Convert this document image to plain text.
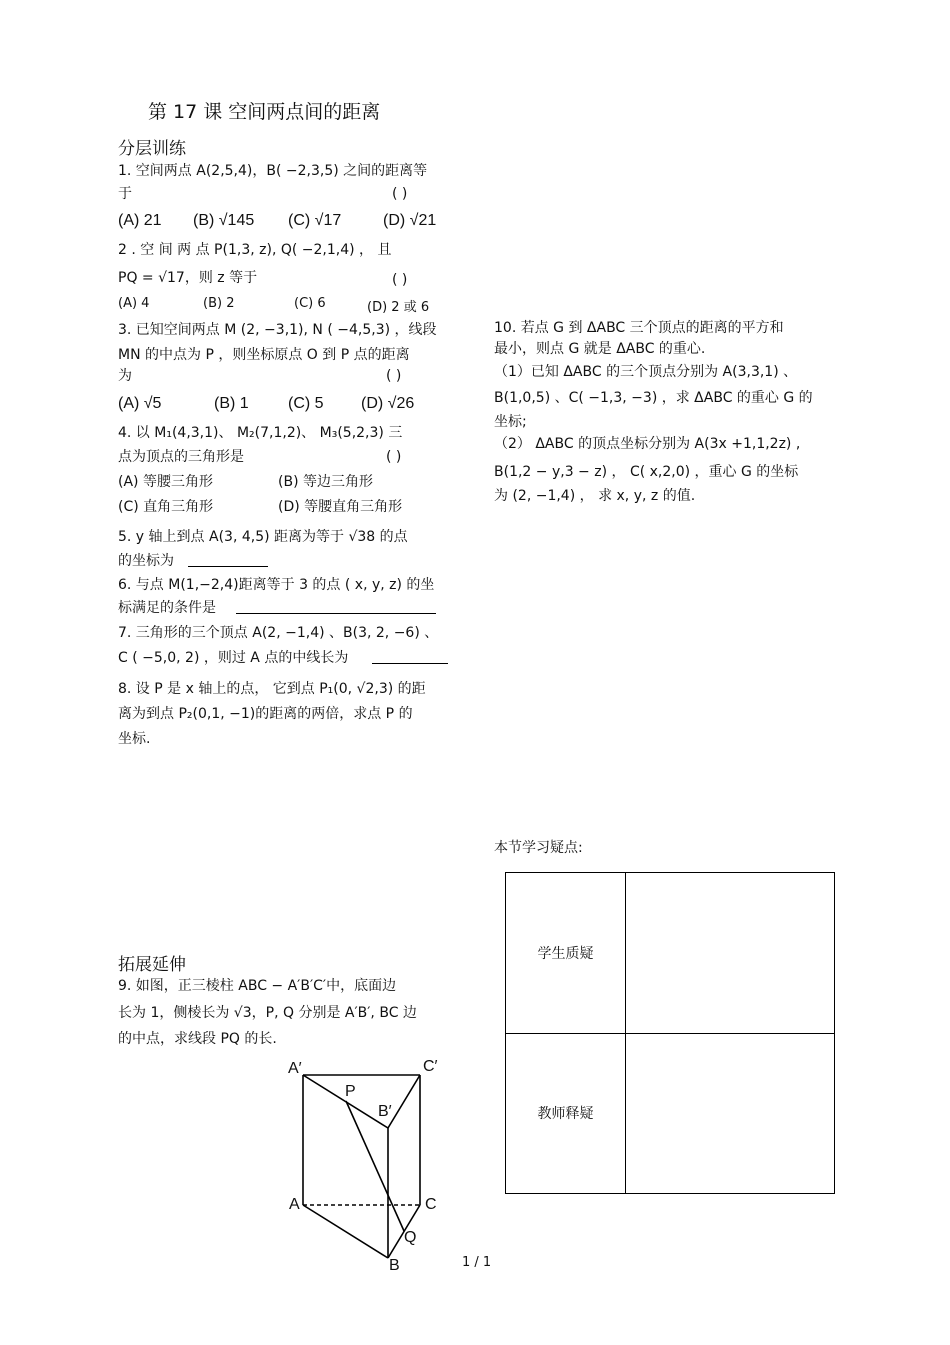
第 17 课 空间两点间的距离
分层训练
1. 空间两点 A(2,5,4)，B( −2,3,5) 之间的距离等
于	( )
(A) 21 (B) √145 (C) √17	(D) √21
2 . 空 间 两 点 P(1,3, z), Q( −2,1,4) ， 且
PQ = √17，则 z 等于	( )
(A) 4	(B) 2	(C) 6	(D) 2 或 6
3. 已知空间两点 M (2, −3,1), N ( −4,5,3) ，线段
MN 的中点为 P ，则坐标原点 O 到 P 点的距离
为	( )
(A) √5	(B) 1 (C) 5 (D) √26
4. 以 M₁(4,3,1)、 M₂(7,1,2)、 M₃(5,2,3) 三
点为顶点的三角形是	( )
(A) 等腰三角形	(B) 等边三角形
(C) 直角三角形	(D) 等腰直角三角形
5. y 轴上到点 A(3, 4,5) 距离为等于 √38 的点
的坐标为
6. 与点 M(1,−2,4)距离等于 3 的点 ( x, y, z) 的坐
标满足的条件是
7. 三角形的三个顶点 A(2, −1,4) 、B(3, 2, −6) 、
C ( −5,0, 2) ，则过 A 点的中线长为
8. 设 P 是 x 轴上的点， 它到点 P₁(0, √2,3) 的距
离为到点 P₂(0,1, −1)的距离的两倍，求点 P 的
坐标.
拓展延伸
9. 如图，正三棱柱 ABC − A′B′C′中，底面边
长为 1，侧棱长为 √3，P, Q 分别是 A′B′, BC 边
的中点，求线段 PQ 的长.
A′	C′
P
B′
A	C
Q
B
10. 若点 G 到 ΔABC 三个顶点的距离的平方和
最小，则点 G 就是 ΔABC 的重心.
（1）已知 ΔABC 的三个顶点分别为 A(3,3,1) 、
B(1,0,5) 、C( −1,3, −3) ，求 ΔABC 的重心 G 的
坐标;
（2） ΔABC 的顶点坐标分别为 A(3x +1,1,2z) ,
B(1,2 − y,3 − z) ， C( x,2,0) ，重心 G 的坐标
为 (2, −1,4) ， 求 x, y, z 的值.
本节学习疑点:
学生质疑	
教师释疑	
1 / 1
